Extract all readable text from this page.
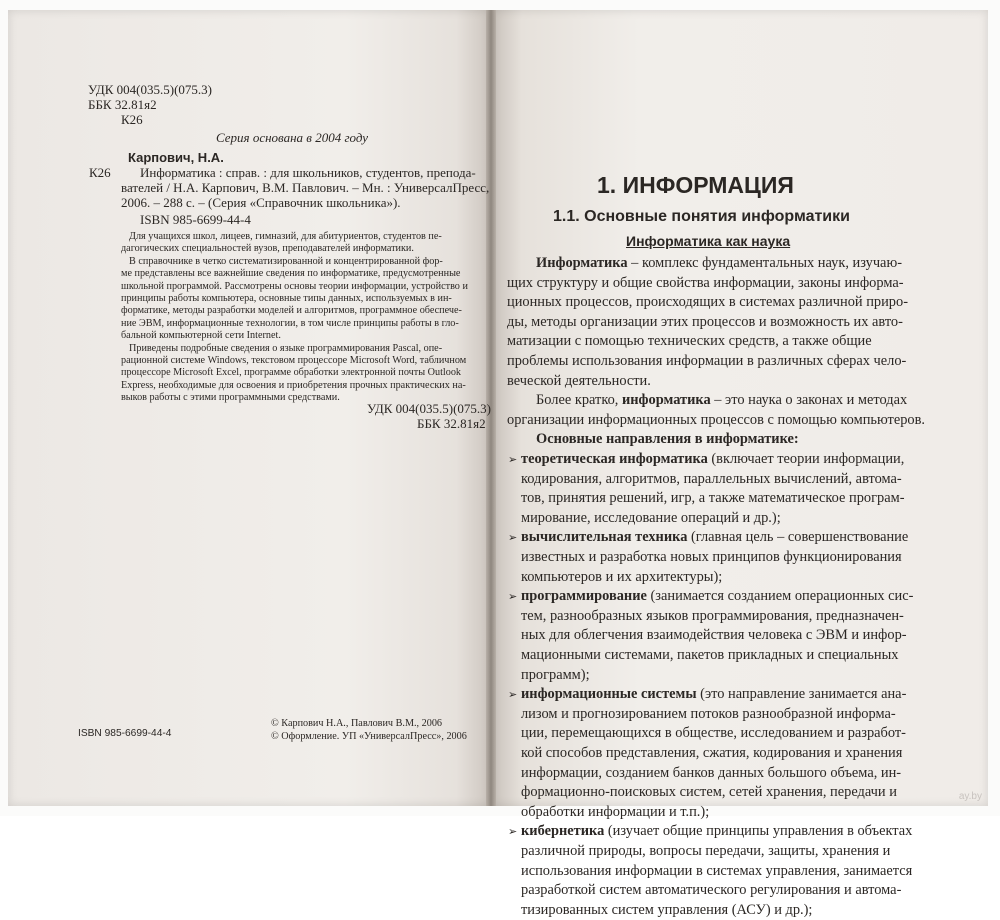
УДК 004(035.5)(075.3)
ББК 32.81я2
К26
Серия основана в 2004 году
Карпович, Н.А.
К26 Информатика : справ. : для школьников, студентов, препода-
вателей / Н.А. Карпович, В.М. Павлович. – Мн. : УниверсалПресс,
2006. – 288 с. – (Серия «Справочник школьника»).
ISBN 985-6699-44-4

Для учащихся школ, лицеев, гимназий, для абитуриентов, студентов пе-

дагогических специальностей вузов, преподавателей информатики.

В справочнике в четко систематизированной и концентрированной фор-

ме представлены все важнейшие сведения по информатике, предусмотренные

школьной программой. Рассмотрены основы теории информации, устройство и

принципы работы компьютера, основные типы данных, используемых в ин-

форматике, методы разработки моделей и алгоритмов, программное обеспече-

ние ЭВМ, информационные технологии, в том числе принципы работы в гло-

бальной компьютерной сети Internet.

Приведены подробные сведения о языке программирования Pascal, опе-

рационной системе Windows, текстовом процессоре Microsoft Word, табличном

процессоре Microsoft Excel, программе обработки электронной почты Outlook

Express, необходимые для освоения и приобретения прочных практических на-

выков работы с этими программными средствами.

УДК 004(035.5)(075.3)
ББК 32.81я2
ISBN 985-6699-44-4
© Карпович Н.А., Павлович В.М., 2006
© Оформление. УП «УниверсалПресс», 2006
1. ИНФОРМАЦИЯ
1.1. Основные понятия информатики
Информатика как наука
Информатика – комплекс фундаментальных наук, изучаю-
щих структуру и общие свойства информации, законы информа-
ционных процессов, происходящих в системах различной приро-
ды, методы организации этих процессов и возможность их авто-
матизации с помощью технических средств, а также общие
проблемы использования информации в различных сферах чело-
веческой деятельности.
Более кратко, информатика – это наука о законах и методах
организации информационных процессов с помощью компьютеров.
Основные направления в информатике:
➢ теоретическая информатика (включает теории информации,
кодирования, алгоритмов, параллельных вычислений, автома-
тов, принятия решений, игр, а также математическое програм-
мирование, исследование операций и др.);
➢ вычислительная техника (главная цель – совершенствование
известных и разработка новых принципов функционирования
компьютеров и их архитектуры);
➢ программирование (занимается созданием операционных сис-
тем, разнообразных языков программирования, предназначен-
ных для облегчения взаимодействия человека с ЭВМ и инфор-
мационными системами, пакетов прикладных и специальных
программ);
➢ информационные системы (это направление занимается ана-
лизом и прогнозированием потоков разнообразной информа-
ции, перемещающихся в обществе, исследованием и разработ-
кой способов представления, сжатия, кодирования и хранения
информации, созданием банков данных большого объема, ин-
формационно-поисковых систем, сетей хранения, передачи и
обработки информации и т.п.);
➢ кибернетика (изучает общие принципы управления в объектах
различной природы, вопросы передачи, защиты, хранения и
использования информации в системах управления, занимается
разработкой систем автоматического регулирования и автома-
тизированных систем управления (АСУ) и др.);
ay.by
